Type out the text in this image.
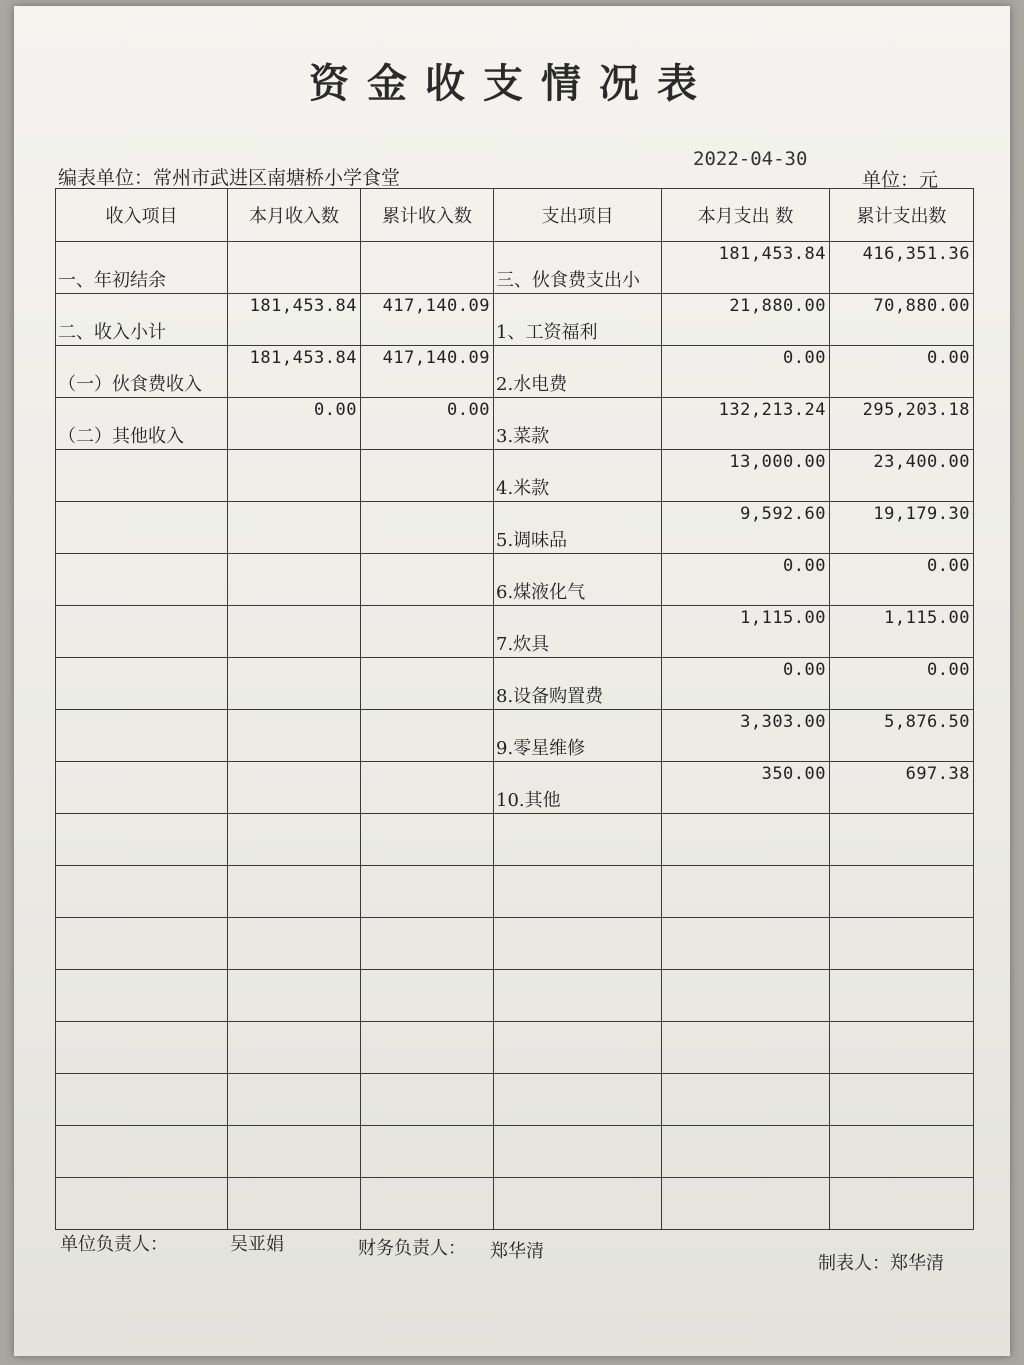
资金收支情况表
2022-04-30
编表单位：常州市武进区南塘桥小学食堂	单位：元
收入项目	本月收入数	累计收入数	支出项目	本月支出 数	累计支出数

一、年初结余			三、伙食费支出小	181,453.84	416,351.36

二、收入小计	181,453.84	417,140.09	1、工资福利	21,880.00	70,880.00

（一）伙食费收入	181,453.84	417,140.09	2.水电费	0.00	0.00

（二）其他收入	0.00	0.00	3.菜款	132,213.24	295,203.18

			4.米款	13,000.00	23,400.00

			5.调味品	9,592.60	19,179.30

			6.煤液化气	0.00	0.00

			7.炊具	1,115.00	1,115.00

			8.设备购置费	0.00	0.00

			9.零星维修	3,303.00	5,876.50

			10.其他	350.00	697.38

单位负责人：	吴亚娟	财务负责人： 郑华清
制表人：郑华清
